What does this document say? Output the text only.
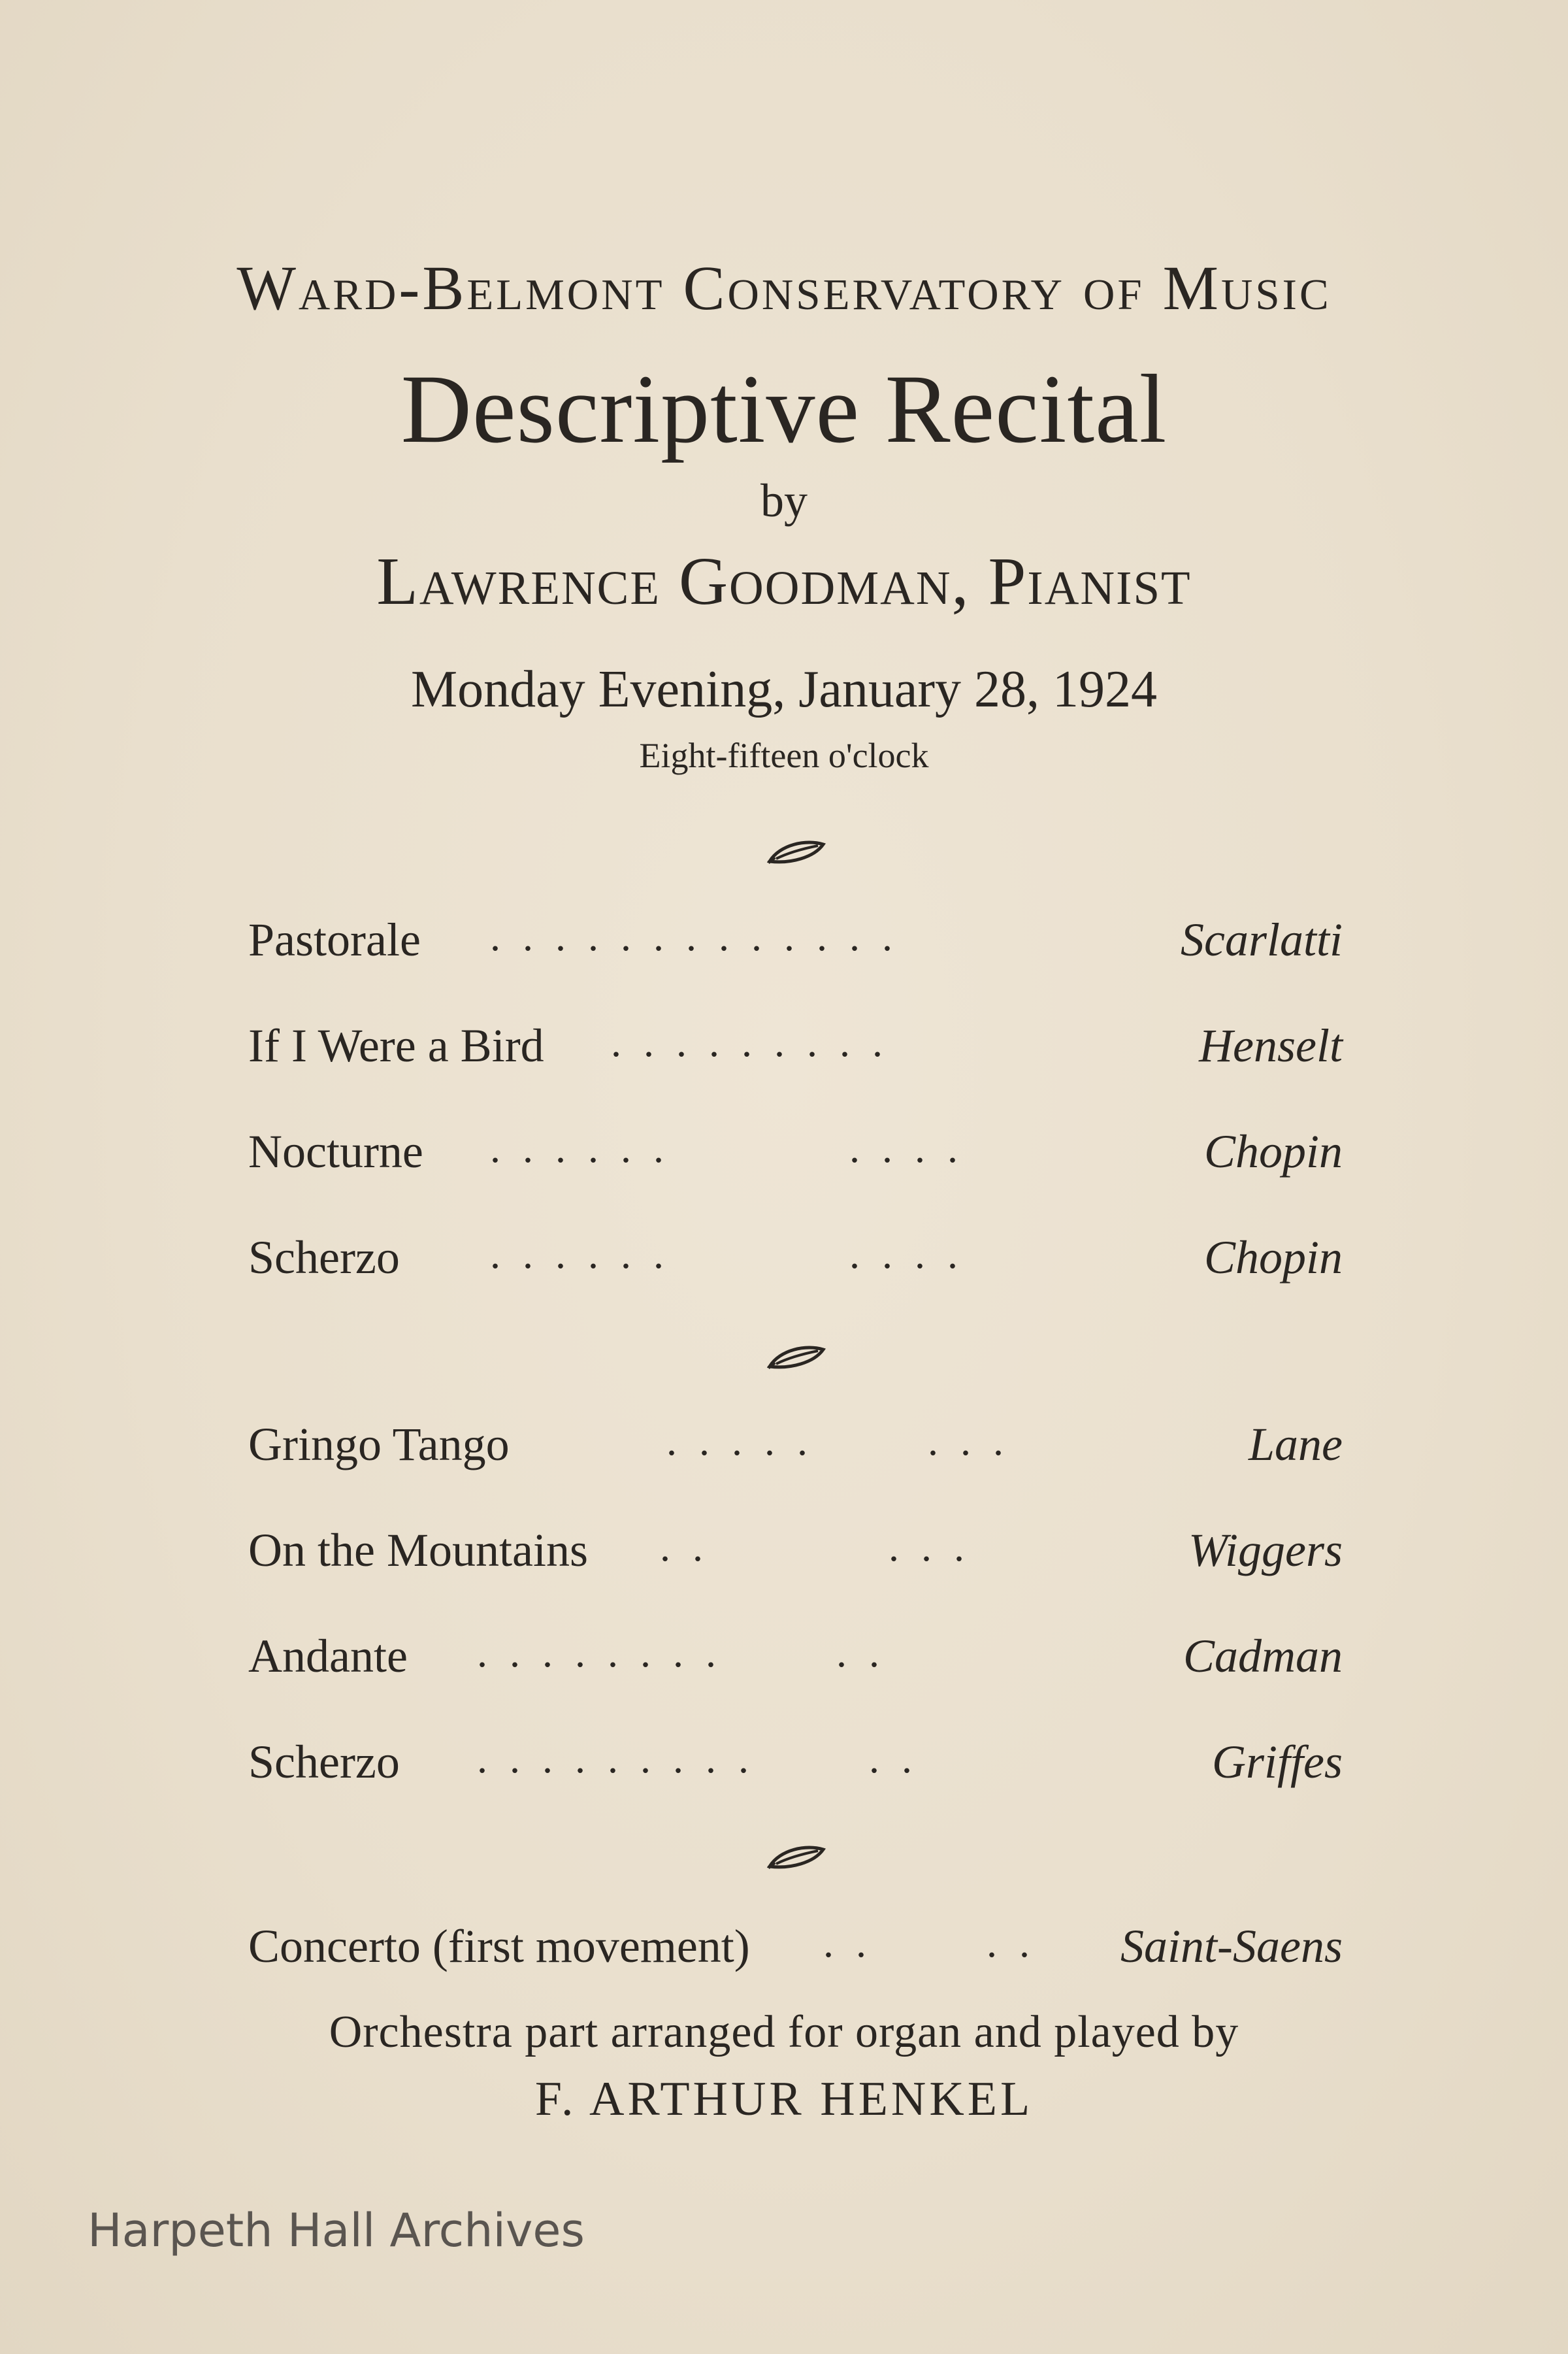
Ward-Belmont Conservatory of Music
Descriptive Recital
by
Lawrence Goodman, Pianist
Monday Evening, January 28, 1924
Eight-fifteen o'clock
Pastorale .............	Scarlatti
If I Were a Bird .........	Henselt
Nocturne ......     ....	Chopin
Scherzo ......     ....	Chopin
Gringo Tango	.....   ...	Lane
On the Mountains ..     ...	Wiggers
Andante ........   ..	Cadman
Scherzo .........   ..	Griffes
Concerto (first movement) ..   .. Saint-Saens
Orchestra part arranged for organ and played by
F. ARTHUR HENKEL
Harpeth Hall Archives
